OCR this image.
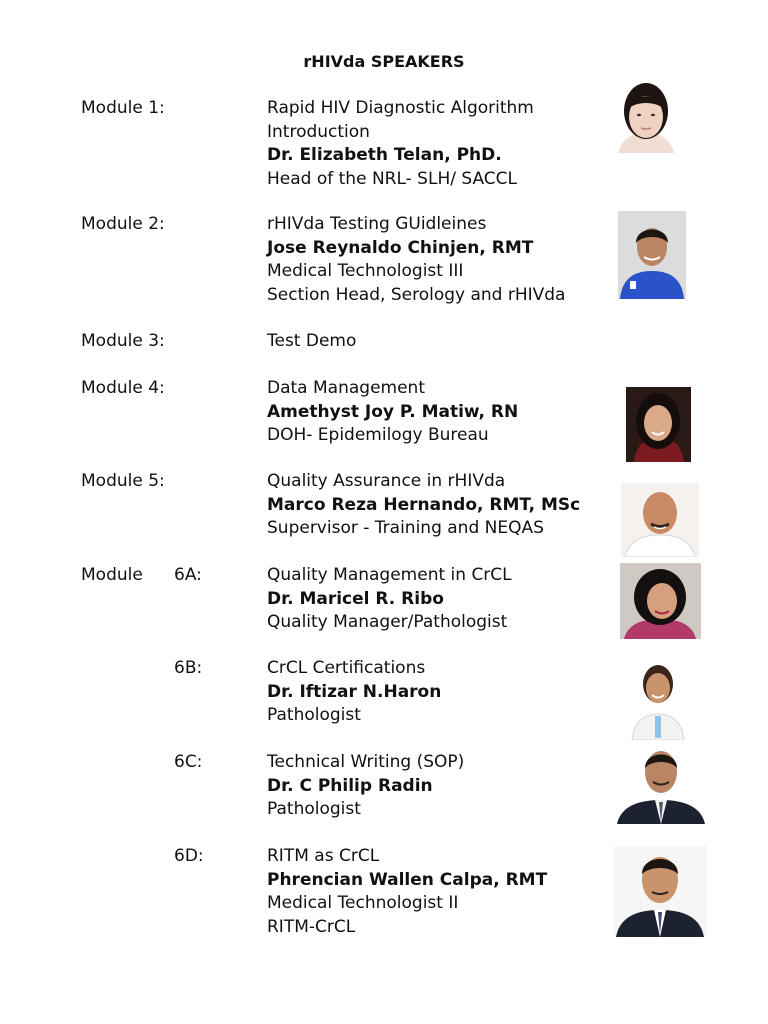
rHIVda SPEAKERS
Module 1:	Rapid HIV Diagnostic Algorithm
Introduction
Dr. Elizabeth Telan, PhD.
Head of the NRL- SLH/ SACCL
Module 2:	rHIVda Testing GUidleines
Jose Reynaldo Chinjen, RMT
Medical Technologist III
Section Head, Serology and rHIVda
Module 3:	Test Demo
Module 4:	Data Management
Amethyst Joy P. Matiw, RN
DOH- Epidemilogy Bureau
Module 5:	Quality Assurance in rHIVda
Marco Reza Hernando, RMT, MSc
Supervisor - Training and NEQAS
Module 6A:	Quality Management in CrCL
Dr. Maricel R. Ribo
Quality Manager/Pathologist
6B:	CrCL Certifications
Dr. Iftizar N.Haron
Pathologist
6C:	Technical Writing (SOP)
Dr. C Philip Radin
Pathologist
6D:	RITM as CrCL
Phrencian Wallen Calpa, RMT
Medical Technologist II
RITM-CrCL
